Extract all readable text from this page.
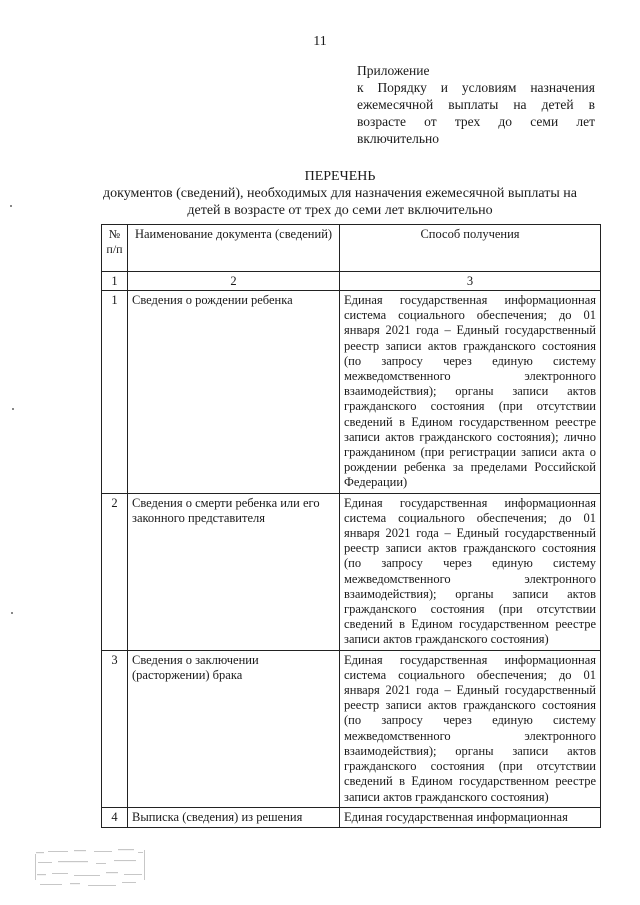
11
Приложение
к Порядку и условиям назначения
ежемесячной выплаты на детей в
возрасте от трех до семи лет
включительно
ПЕРЕЧЕНЬ
документов (сведений), необходимых для назначения ежемесячной выплаты на
детей в возрасте от трех до семи лет включительно
№
п/п	Наименование документа (сведений)	Способ получения
1	2	3
1	Сведения о рождении ребенка	Единая государственная информационная система социального обеспечения; до 01 января 2021 года – Единый государственный реестр записи актов гражданского состояния (по запросу через единую систему межведомственного электронного взаимодействия); органы записи актов гражданского состояния (при отсутствии сведений в Едином государственном реестре записи актов гражданского состояния); лично гражданином (при регистрации записи акта о рождении ребенка за пределами Российской Федерации)
2	Сведения о смерти ребенка или его законного представителя	Единая государственная информационная система социального обеспечения; до 01 января 2021 года – Единый государственный реестр записи актов гражданского состояния (по запросу через единую систему межведомственного электронного взаимодействия); органы записи актов гражданского состояния (при отсутствии сведений в Едином государственном реестре записи актов гражданского состояния)
3	Сведения о заключении (расторжении) брака	Единая государственная информационная система социального обеспечения; до 01 января 2021 года – Единый государственный реестр записи актов гражданского состояния (по запросу через единую систему межведомственного электронного взаимодействия); органы записи актов гражданского состояния (при отсутствии сведений в Едином государственном реестре записи актов гражданского состояния)
4	Выписка (сведения) из решения	Единая государственная информационная
